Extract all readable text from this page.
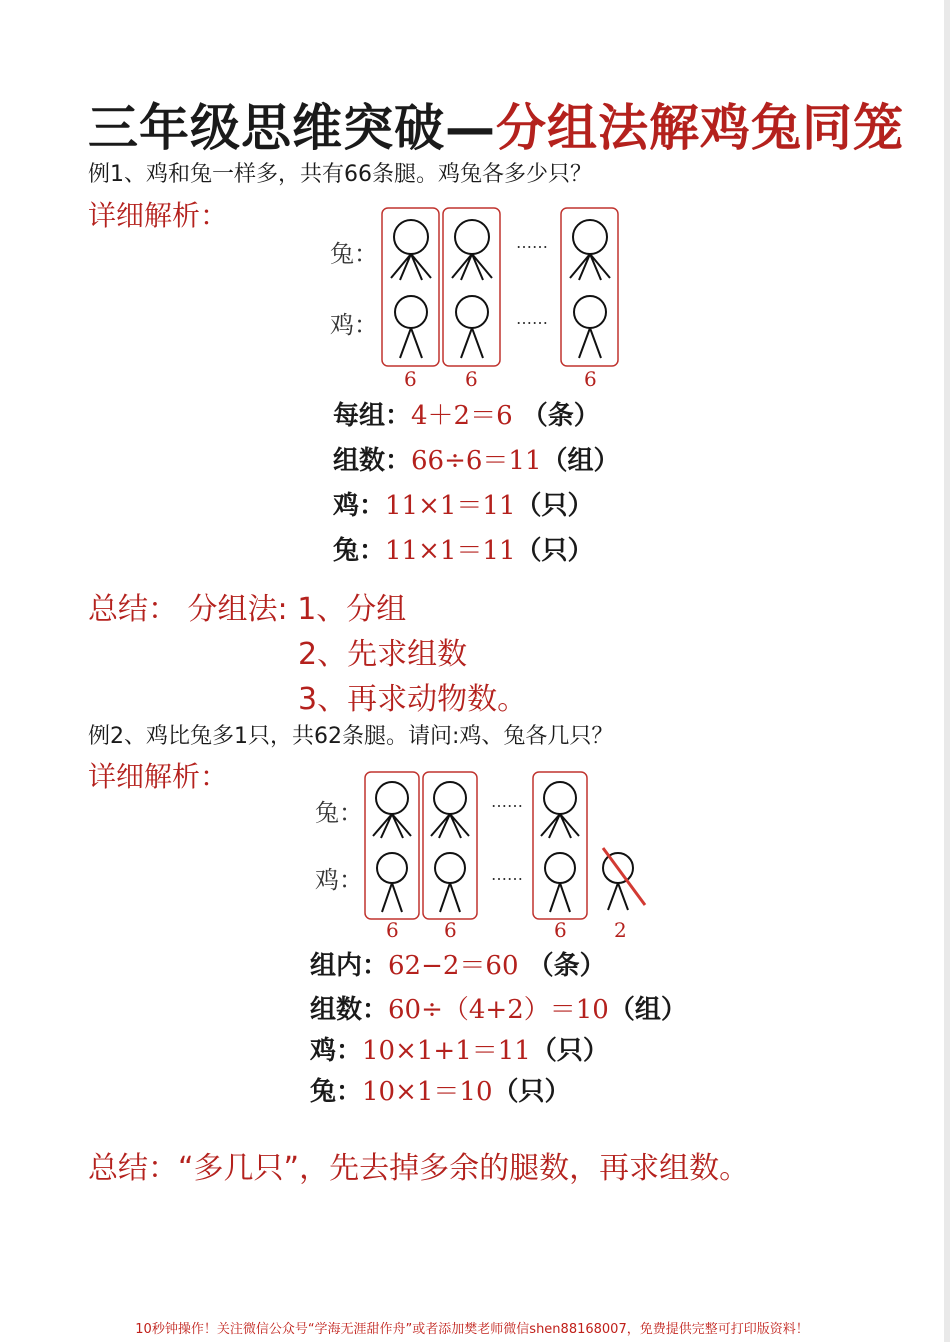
三年级思维突破—分组法解鸡兔同笼
例1、鸡和兔一样多，共有66条腿。鸡兔各多少只？
详细解析：
兔：
鸡：
……
……
6 6	6
每组：4＋2＝6 （条）
组数：66÷6＝11（组）
鸡：11×1＝11（只）
兔：11×1＝11（只）
总结： 分组法: 1、分组
2、先求组数
3、再求动物数。
例2、鸡比兔多1只，共62条腿。请问:鸡、兔各几只？
详细解析：
兔：
鸡：
……
……
6 6	6 2
组内：62−2＝60 （条）
组数：60÷（4+2）＝10（组）
鸡：10×1+1＝11（只）
兔：10×1＝10（只）
总结：“多几只”，先去掉多余的腿数，再求组数。
10秒钟操作！关注微信公众号“学海无涯甜作舟”或者添加樊老师微信shen88168007，免费提供完整可打印版资料！
